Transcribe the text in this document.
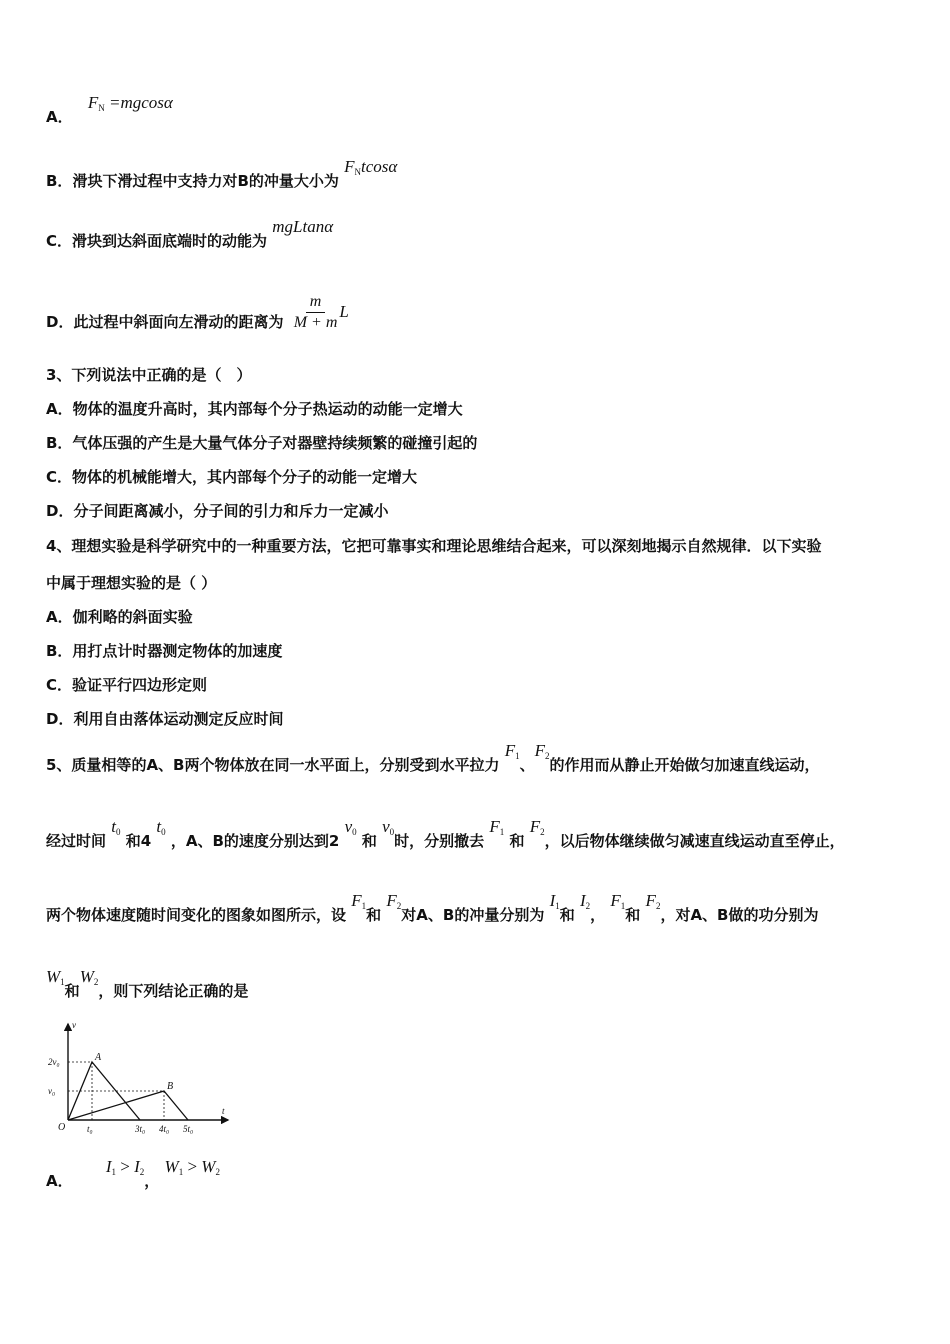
A． $F_N =mgcos\alpha$
B．滑块下滑过程中支持力对B的冲量大小为 $F_Ntcos\alpha$
C．滑块到达斜面底端时的动能为 mgLtanα
D．此过程中斜面向左滑动的距离为 $\frac{m}{M + m}$ L
3、下列说法中正确的是（　）
A．物体的温度升高时，其内部每个分子热运动的动能一定增大
B．气体压强的产生是大量气体分子对器壁持续频繁的碰撞引起的
C．物体的机械能增大，其内部每个分子的动能一定增大
D．分子间距离减小，分子间的引力和斥力一定减小
4、理想实验是科学研究中的一种重要方法，它把可靠事实和理论思维结合起来，可以深刻地揭示自然规律．以下实验
中属于理想实验的是（ ）
A．伽利略的斜面实验
B．用打点计时器测定物体的加速度
C．验证平行四边形定则
D．利用自由落体运动测定反应时间
5、质量相等的A、B两个物体放在同一水平面上，分别受到水平拉力 $F_1$、$F_2$的作用而从静止开始做匀加速直线运动，
经过时间 $t_0$ 和4 $t_0$ ，A、B的速度分别达到2 $v_0$ 和 $v_0$时，分别撤去 $F_1$ 和 $F_2$，以后物体继续做匀减速直线运动直至停止，
两个物体速度随时间变化的图象如图所示，设 $F_1$和 $F_2$对A、B的冲量分别为 $I_1$和 $I_2$， $F_1$和 $F_2$，对A、B做的功分别为
$W_1$和$W_2$，则下列结论正确的是
2v₀
v₀
t₀	3t₀ 4t₀ 5t₀
v
t
O
A
B
A． $I_1 > I_2$， $W_1 > W_2$
